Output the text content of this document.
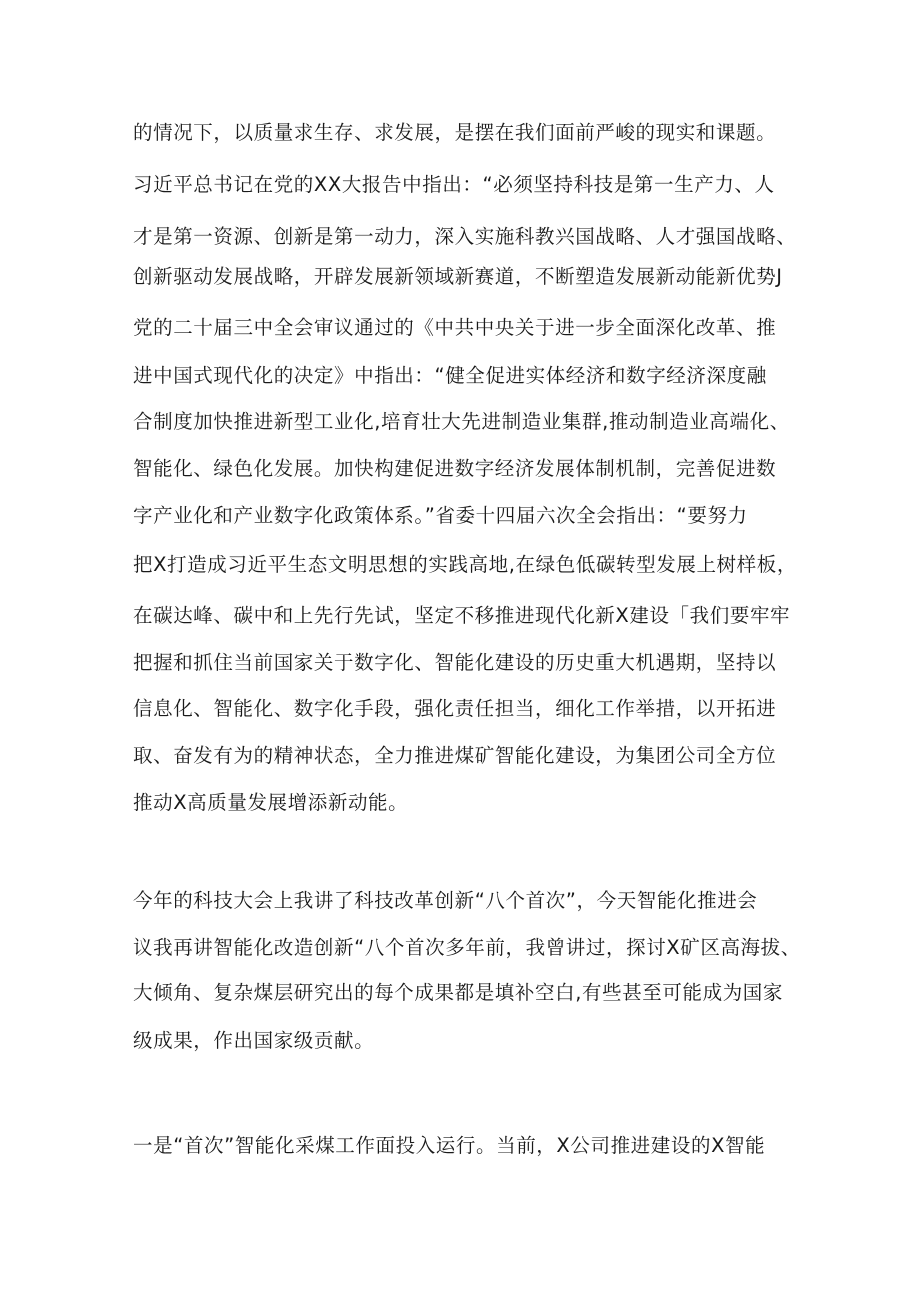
的情况下，以质量求生存、求发展，是摆在我们面前严峻的现实和课题。
习近平总书记在党的XX大报告中指出：“必须坚持科技是第一生产力、人
才是第一资源、创新是第一动力，深入实施科教兴国战略、人才强国战略、
创新驱动发展战略，开辟发展新领域新赛道，不断塑造发展新动能新优势J
党的二十届三中全会审议通过的《中共中央关于进一步全面深化改革、推
进中国式现代化的决定》中指出：“健全促进实体经济和数字经济深度融
合制度加快推进新型工业化,培育壮大先进制造业集群,推动制造业高端化、
智能化、绿色化发展。加快构建促进数字经济发展体制机制，完善促进数
字产业化和产业数字化政策体系。”省委十四届六次全会指出：“要努力
把X打造成习近平生态文明思想的实践高地,在绿色低碳转型发展上树样板，
在碳达峰、碳中和上先行先试，坚定不移推进现代化新X建设「我们要牢牢
把握和抓住当前国家关于数字化、智能化建设的历史重大机遇期，坚持以
信息化、智能化、数字化手段，强化责任担当，细化工作举措，以开拓进
取、奋发有为的精神状态，全力推进煤矿智能化建设，为集团公司全方位
推动X高质量发展增添新动能。
今年的科技大会上我讲了科技改革创新“八个首次”，今天智能化推进会
议我再讲智能化改造创新“八个首次多年前，我曾讲过，探讨X矿区高海拔、
大倾角、复杂煤层研究出的每个成果都是填补空白,有些甚至可能成为国家
级成果，作出国家级贡献。
一是“首次”智能化采煤工作面投入运行。当前，X公司推进建设的X智能
